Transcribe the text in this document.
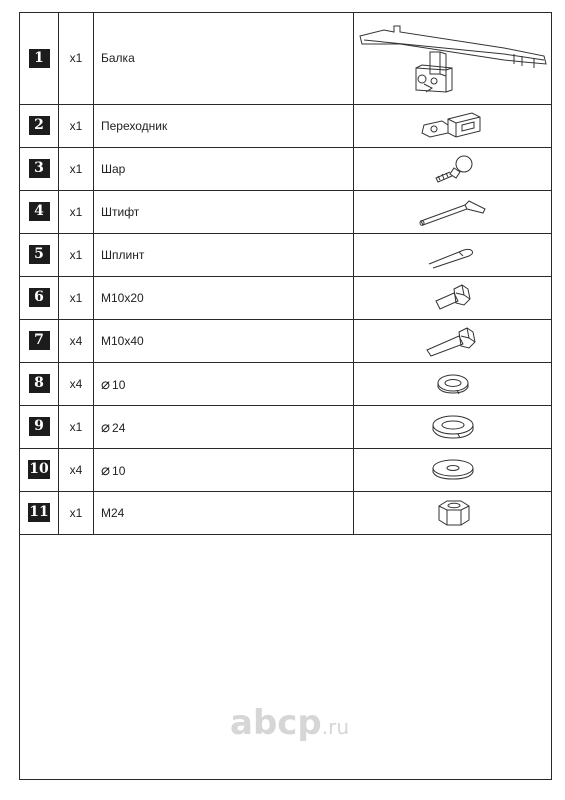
1	x1	Балка	

2	x1	Переходник	

3	x1	Шар	

4	x1	Штифт	

5	x1	Шплинт	

6	x1	M10x20	

7	x4	M10x40	

8	x4	⌀ 10	

9	x1	⌀ 24	

10	x4	⌀ 10	

11	x1	M24	
abcp .ru
